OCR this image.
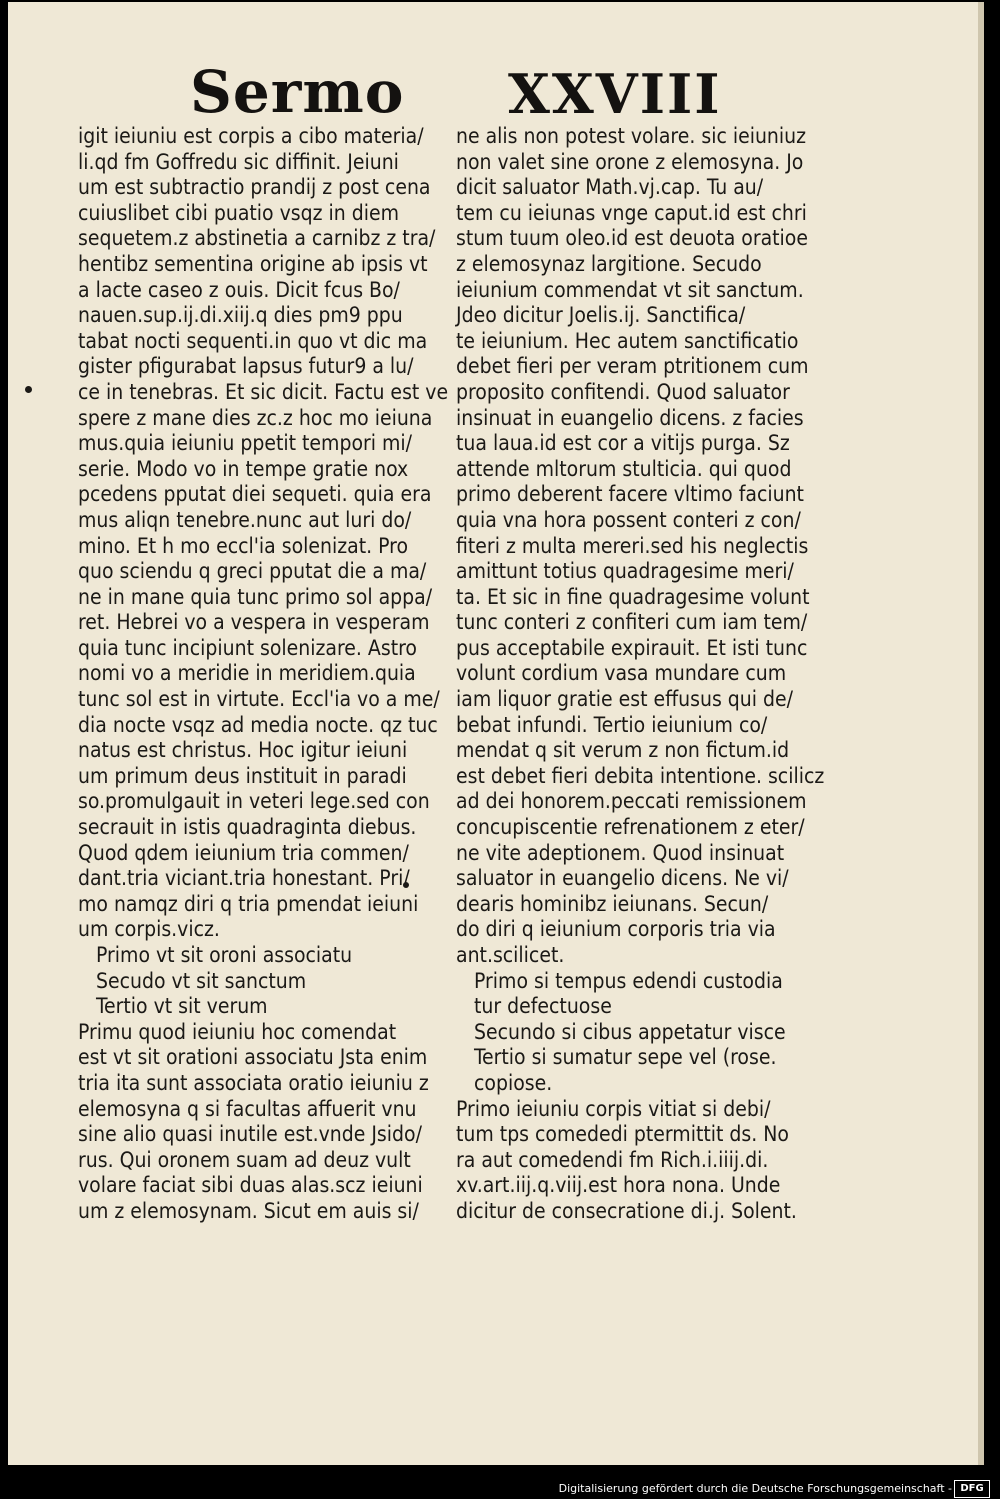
Sermo XXVIII
igit ieiuniu est corpis a cibo materia/
li.qd fm Goffredu sic diffinit. Jeiuni
um est subtractio prandij z post cena
cuiuslibet cibi puatio vsqz in diem
sequetem.z abstinetia a carnibz z tra/
hentibz sementina origine ab ipsis vt
a lacte caseo z ouis. Dicit fcus Bo/
nauen.sup.ij.di.xiij.q dies pm9 ppu
tabat nocti sequenti.in quo vt dic ma
gister pfigurabat lapsus futur9 a lu/
ce in tenebras. Et sic dicit. Factu est ve
spere z mane dies zc.z hoc mo ieiuna
mus.quia ieiuniu ppetit tempori mi/
serie. Modo vo in tempe gratie nox
pcedens pputat diei sequeti. quia era
mus aliqn tenebre.nunc aut luri do/
mino. Et h mo eccl'ia solenizat. Pro
quo sciendu q greci pputat die a ma/
ne in mane quia tunc primo sol appa/
ret. Hebrei vo a vespera in vesperam
quia tunc incipiunt solenizare. Astro
nomi vo a meridie in meridiem.quia
tunc sol est in virtute. Eccl'ia vo a me/
dia nocte vsqz ad media nocte. qz tuc
natus est christus. Hoc igitur ieiuni
um primum deus instituit in paradi
so.promulgauit in veteri lege.sed con
secrauit in istis quadraginta diebus.
Quod qdem ieiunium tria commen/
dant.tria viciant.tria honestant. Pri/
mo namqz diri q tria pmendat ieiuni
um corpis.vicz.
Primo vt sit oroni associatu
Secudo vt sit sanctum
Tertio vt sit verum
Primu quod ieiuniu hoc comendat
est vt sit orationi associatu Jsta enim
tria ita sunt associata oratio ieiuniu z
elemosyna q si facultas affuerit vnu
sine alio quasi inutile est.vnde Jsido/
rus. Qui oronem suam ad deuz vult
volare faciat sibi duas alas.scz ieiuni
um z elemosynam. Sicut em auis si/
ne alis non potest volare. sic ieiuniuz
non valet sine orone z elemosyna. Jo
dicit saluator Math.vj.cap. Tu au/
tem cu ieiunas vnge caput.id est chri
stum tuum oleo.id est deuota oratioe
z elemosynaz largitione. Secudo
ieiunium commendat vt sit sanctum.
Jdeo dicitur Joelis.ij. Sanctifica/
te ieiunium. Hec autem sanctificatio
debet fieri per veram ptritionem cum
proposito confitendi. Quod saluator
insinuat in euangelio dicens. z facies
tua laua.id est cor a vitijs purga. Sz
attende mltorum stulticia. qui quod
primo deberent facere vltimo faciunt
quia vna hora possent conteri z con/
fiteri z multa mereri.sed his neglectis
amittunt totius quadragesime meri/
ta. Et sic in fine quadragesime volunt
tunc conteri z confiteri cum iam tem/
pus acceptabile expirauit. Et isti tunc
volunt cordium vasa mundare cum
iam liquor gratie est effusus qui de/
bebat infundi. Tertio ieiunium co/
mendat q sit verum z non fictum.id
est debet fieri debita intentione. scilicz
ad dei honorem.peccati remissionem
concupiscentie refrenationem z eter/
ne vite adeptionem. Quod insinuat
saluator in euangelio dicens. Ne vi/
dearis hominibz ieiunans. Secun/
do diri q ieiunium corporis tria via
ant.scilicet.
Primo si tempus edendi custodia
tur defectuose
Secundo si cibus appetatur visce
Tertio si sumatur sepe vel (rose.
copiose.
Primo ieiuniu corpis vitiat si debi/
tum tps comededi ptermittit ds. No
ra aut comedendi fm Rich.i.iiij.di.
xv.art.iij.q.viij.est hora nona. Unde
dicitur de consecratione di.j. Solent.
Digitalisierung gefördert durch die Deutsche Forschungsgemeinschaft - DFG
